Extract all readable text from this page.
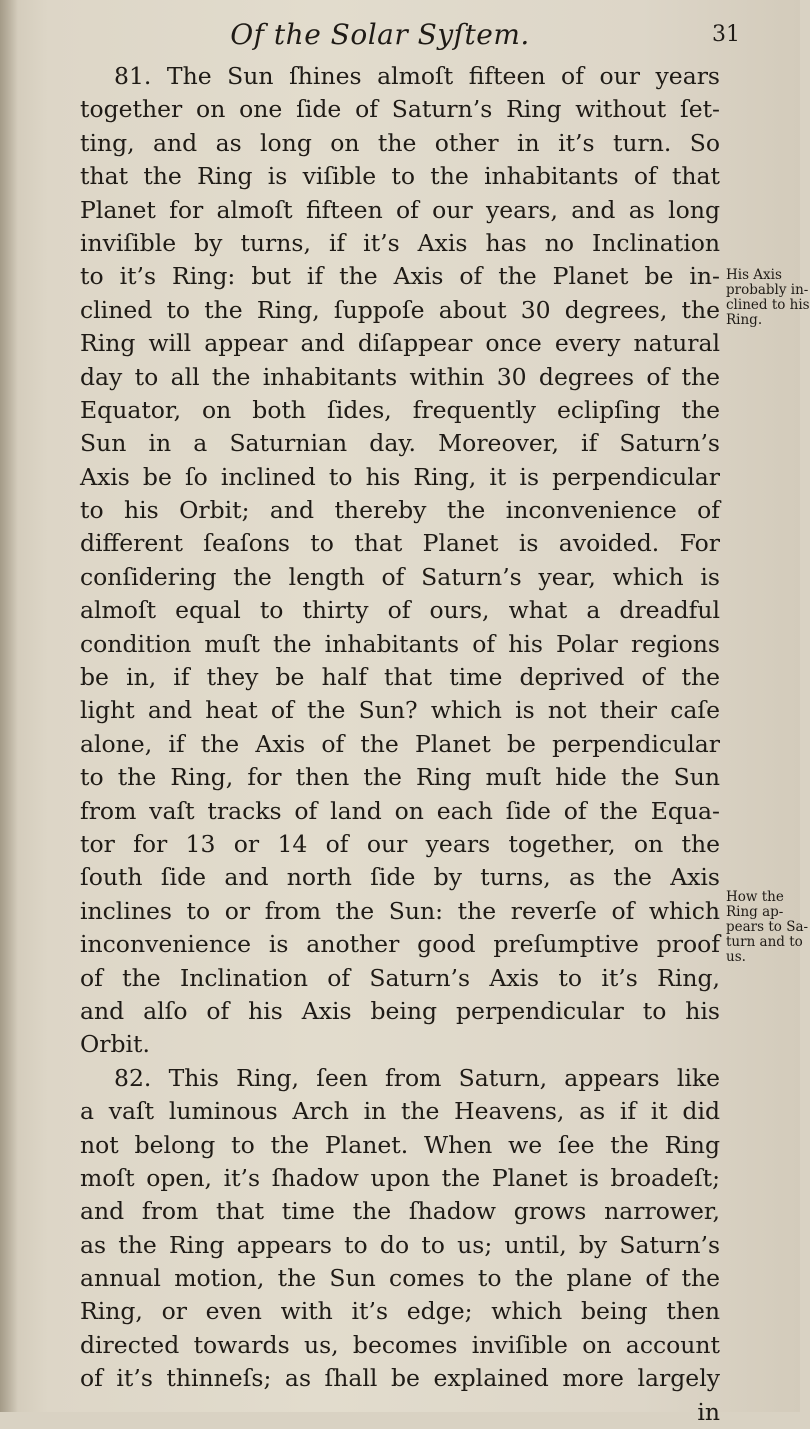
Of the Solar Syſtem.	31
81. The Sun ſhines almoſt fifteen of our years
together on one ſide of Saturn’s Ring without ſet-
ting, and as long on the other in it’s turn. So
that the Ring is viſible to the inhabitants of that
Planet for almoſt fifteen of our years, and as long
inviſible by turns, if it’s Axis has no Inclination
to it’s Ring: but if the Axis of the Planet be in-
clined to the Ring, ſuppoſe about 30 degrees, the
Ring will appear and diſappear once every natural
day to all the inhabitants within 30 degrees of the
Equator, on both ſides, frequently eclipſing the
Sun in a Saturnian day. Moreover, if Saturn’s
Axis be ſo inclined to his Ring, it is perpendicular
to his Orbit; and thereby the inconvenience of
different ſeaſons to that Planet is avoided. For
conſidering the length of Saturn’s year, which is
almoſt equal to thirty of ours, what a dreadful
condition muſt the inhabitants of his Polar regions
be in, if they be half that time deprived of the
light and heat of the Sun? which is not their caſe
alone, if the Axis of the Planet be perpendicular
to the Ring, for then the Ring muſt hide the Sun
from vaſt tracks of land on each ſide of the Equa-
tor for 13 or 14 of our years together, on the
ſouth ſide and north ſide by turns, as the Axis
inclines to or from the Sun: the reverſe of which
inconvenience is another good preſumptive proof
of the Inclination of Saturn’s Axis to it’s Ring,
and alſo of his Axis being perpendicular to his
Orbit.
82. This Ring, ſeen from Saturn, appears like
a vaſt luminous Arch in the Heavens, as if it did
not belong to the Planet. When we ſee the Ring
moſt open, it’s ſhadow upon the Planet is broadeſt;
and from that time the ſhadow grows narrower,
as the Ring appears to do to us; until, by Saturn’s
annual motion, the Sun comes to the plane of the
Ring, or even with it’s edge; which being then
directed towards us, becomes inviſible on account
of it’s thinneſs; as ſhall be explained more largely
in
His Axis
probably in-
clined to his
Ring.
How the
Ring ap-
pears to Sa-
turn and to
us.
